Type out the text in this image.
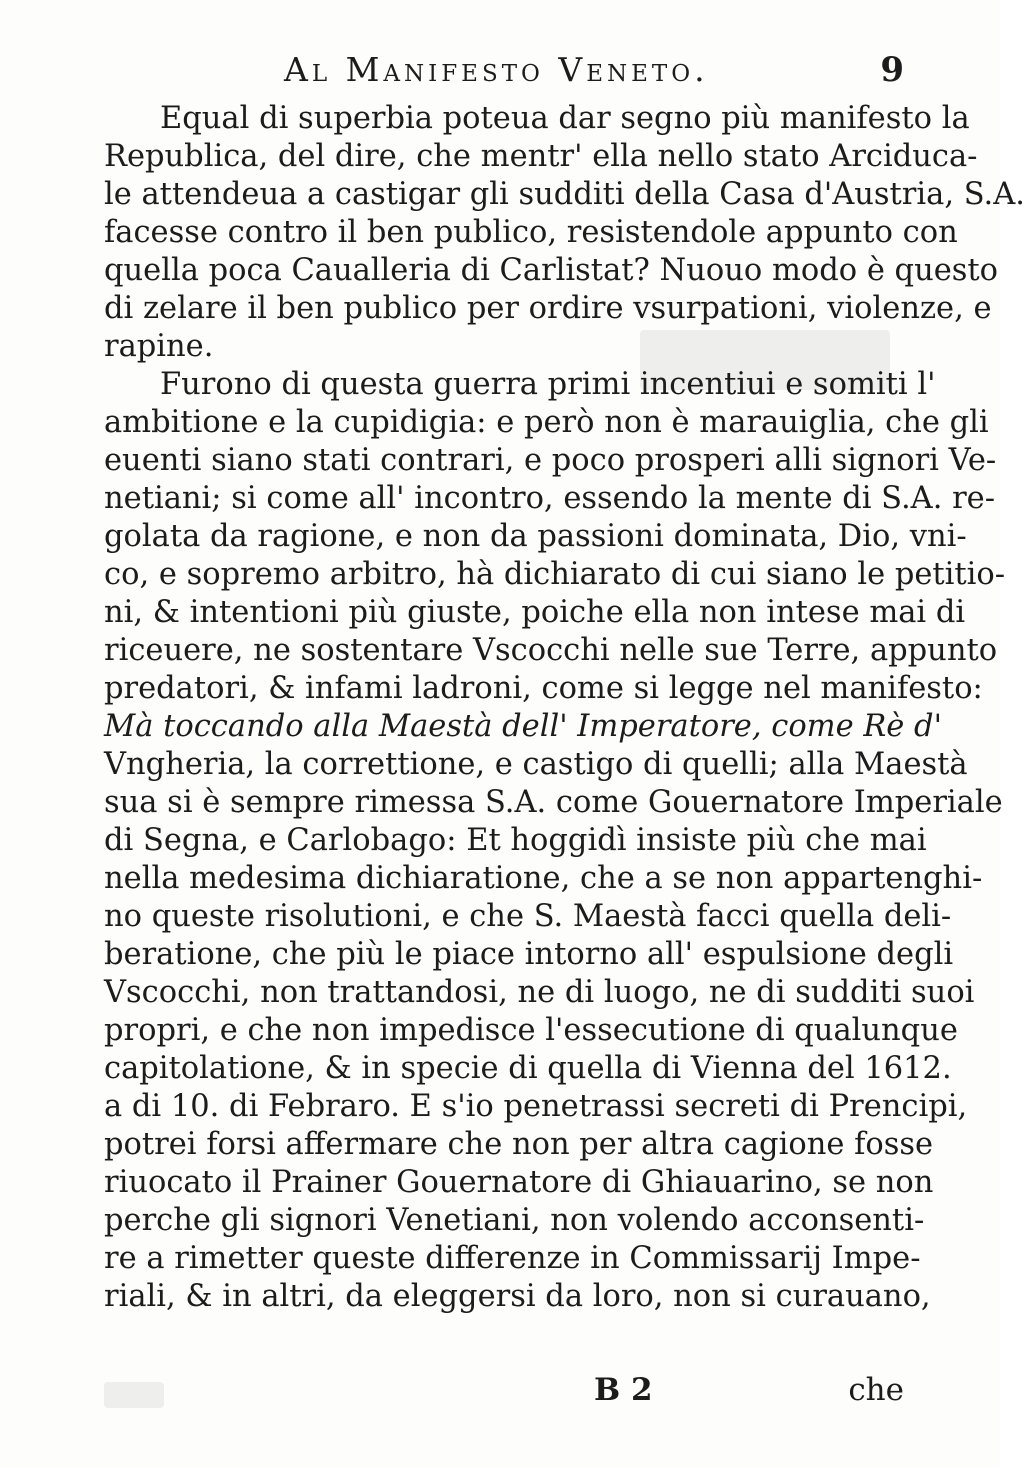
Al Manifesto Veneto.	9
Equal di superbia poteua dar segno più manifesto la
Republica, del dire, che mentr' ella nello stato Arciduca-
le attendeua a castigar gli sudditi della Casa d'Austria, S.A.
facesse contro il ben publico, resistendole appunto con
quella poca Caualleria di Carlistat? Nuouo modo è questo
di zelare il ben publico per ordire vsurpationi, violenze, e
rapine.
Furono di questa guerra primi incentiui e somiti l'
ambitione e la cupidigia: e però non è marauiglia, che gli
euenti siano stati contrari, e poco prosperi alli signori Ve-
netiani; si come all' incontro, essendo la mente di S.A. re-
golata da ragione, e non da passioni dominata, Dio, vni-
co, e sopremo arbitro, hà dichiarato di cui siano le petitio-
ni, & intentioni più giuste, poiche ella non intese mai di
riceuere, ne sostentare Vscocchi nelle sue Terre, appunto
predatori, & infami ladroni, come si legge nel manifesto:
Mà toccando alla Maestà dell' Imperatore, come Rè d'
Vngheria, la correttione, e castigo di quelli; alla Maestà
sua si è sempre rimessa S.A. come Gouernatore Imperiale
di Segna, e Carlobago: Et hoggidì insiste più che mai
nella medesima dichiaratione, che a se non appartenghi-
no queste risolutioni, e che S. Maestà facci quella deli-
beratione, che più le piace intorno all' espulsione degli
Vscocchi, non trattandosi, ne di luogo, ne di sudditi suoi
propri, e che non impedisce l'essecutione di qualunque
capitolatione, & in specie di quella di Vienna del 1612.
a di 10. di Febraro. E s'io penetrassi secreti di Prencipi,
potrei forsi affermare che non per altra cagione fosse
riuocato il Prainer Gouernatore di Ghiauarino, se non
perche gli signori Venetiani, non volendo acconsenti-
re a rimetter queste differenze in Commissarij Impe-
riali, & in altri, da eleggersi da loro, non si curauano,
B 2	che
